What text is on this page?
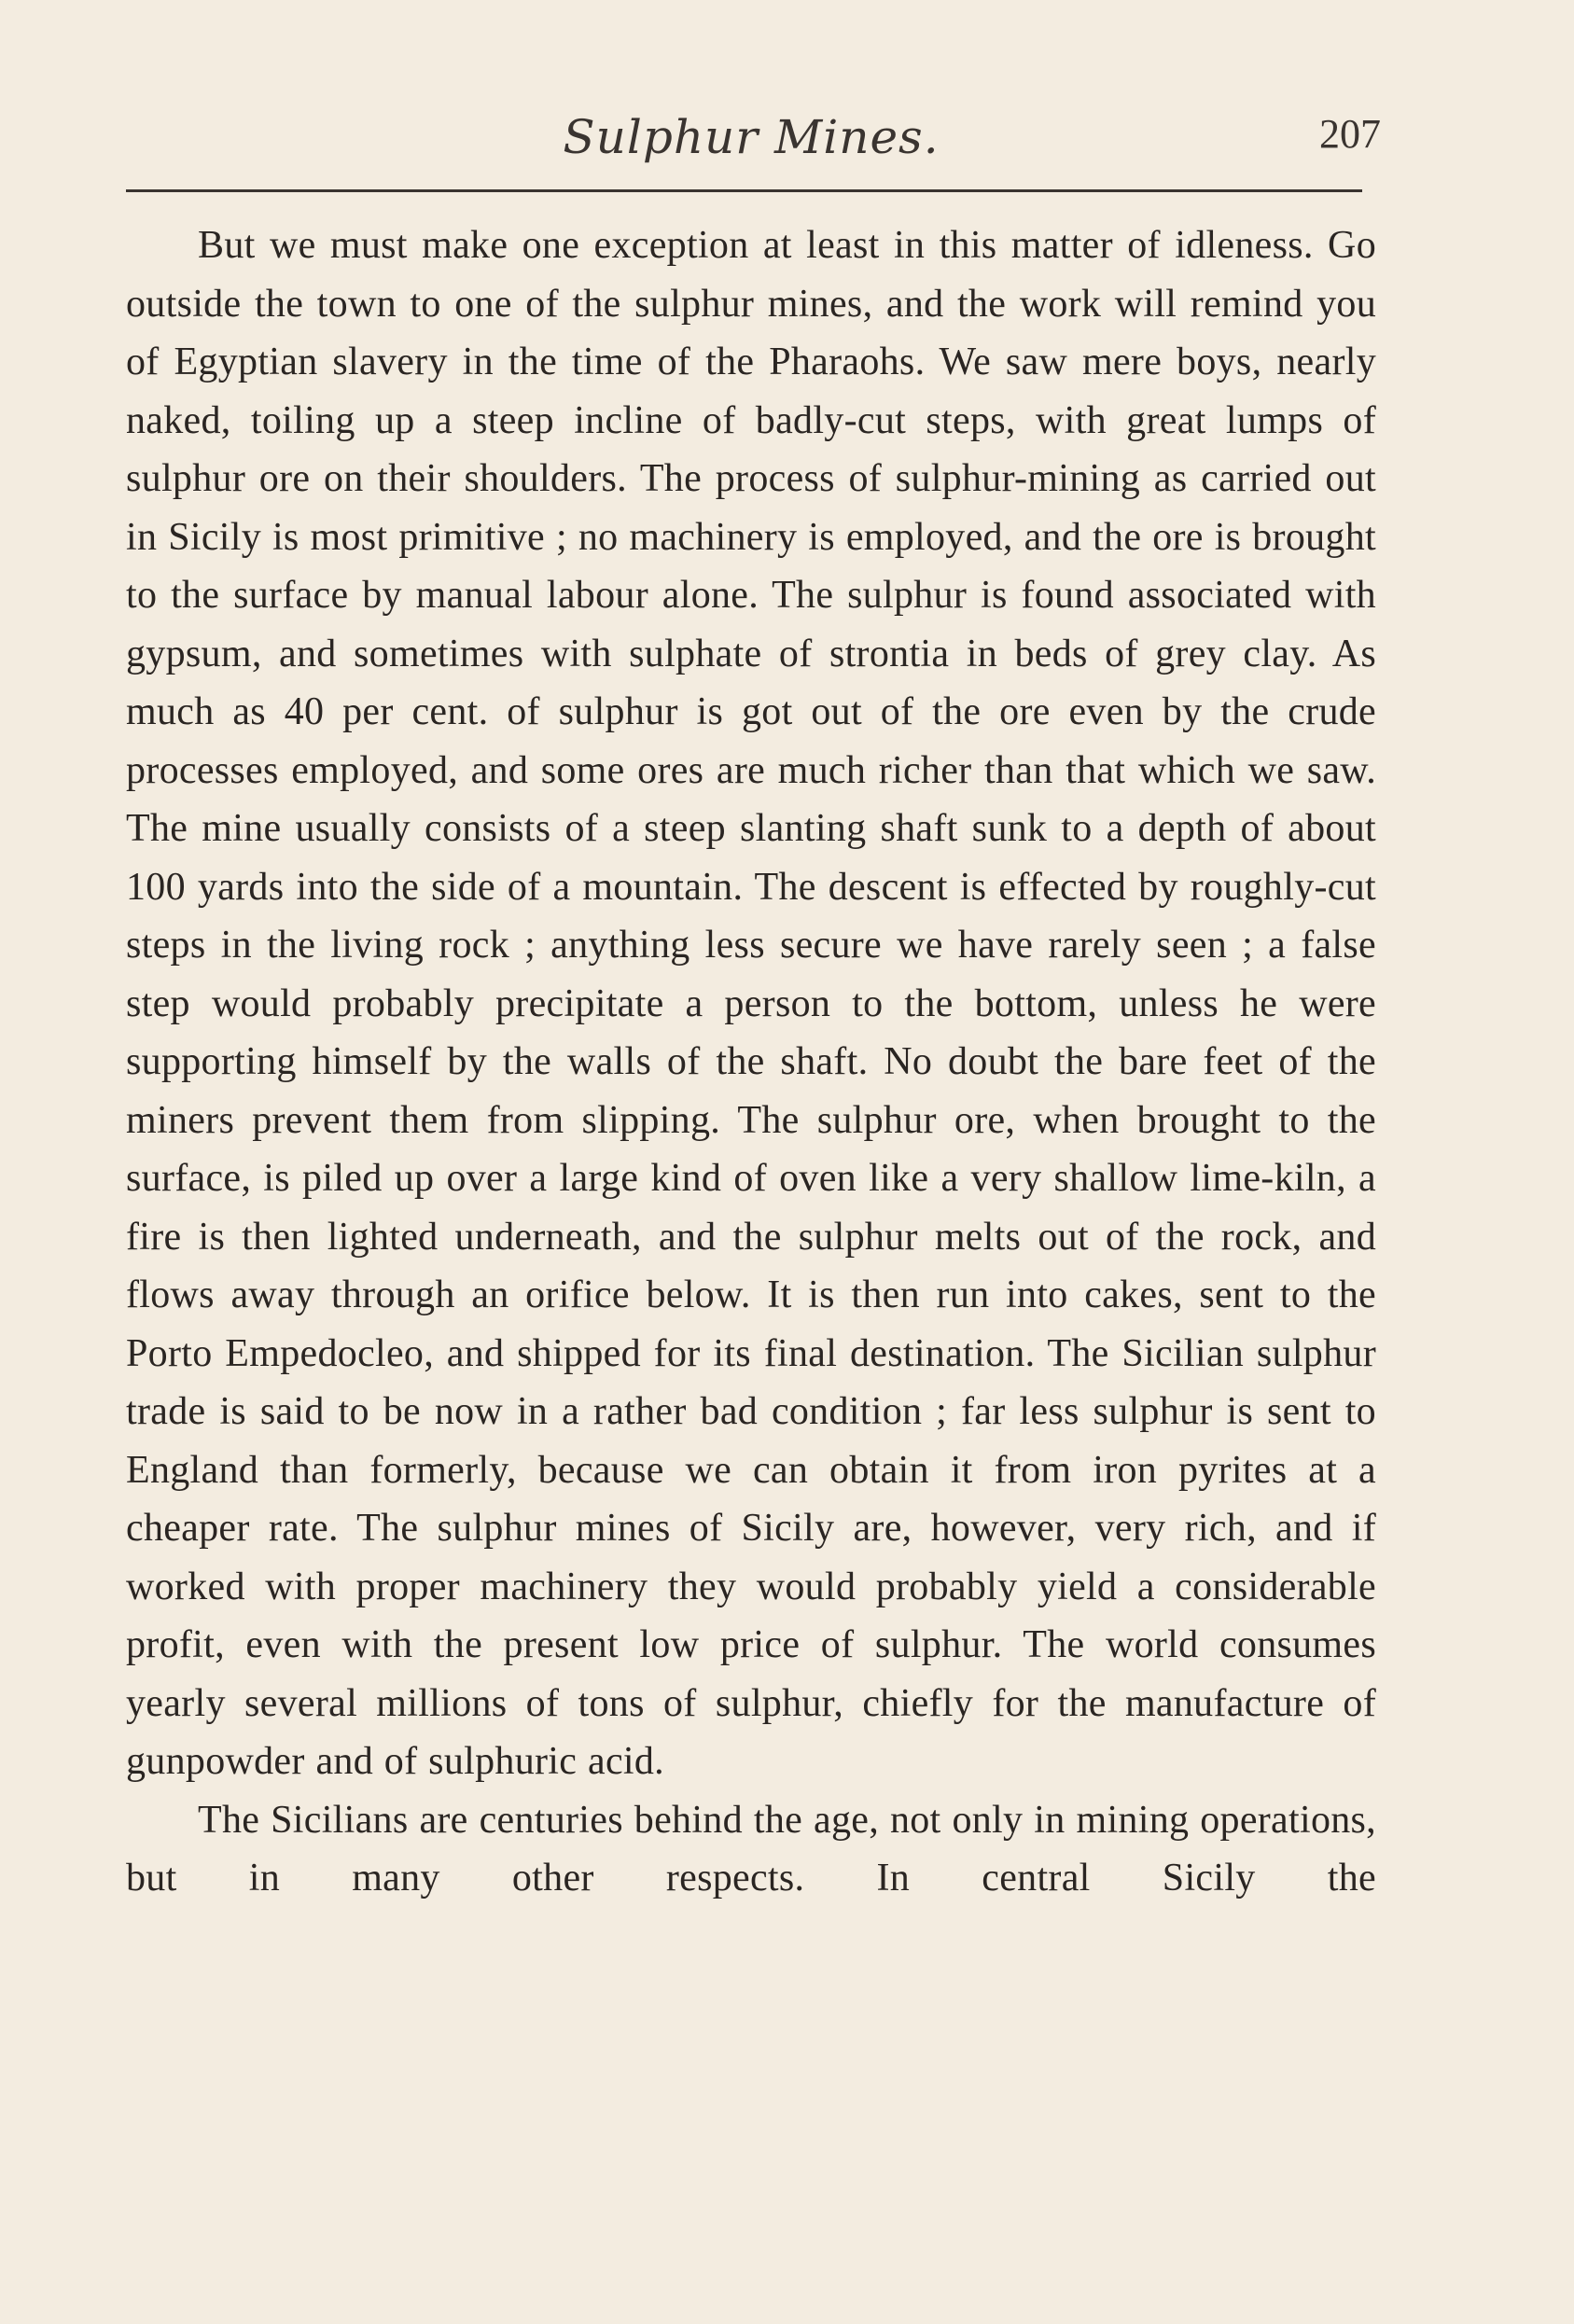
Sulphur Mines.	207

But we must make one exception at least in this matter of idleness. Go outside the town to one of the sulphur mines, and the work will remind you of Egyptian slavery in the time of the Pharaohs. We saw mere boys, nearly naked, toiling up a steep incline of badly-cut steps, with great lumps of sulphur ore on their shoulders. The process of sulphur-mining as carried out in Sicily is most primitive ; no machinery is employed, and the ore is brought to the surface by manual labour alone. The sulphur is found associated with gypsum, and sometimes with sulphate of strontia in beds of grey clay. As much as 40 per cent. of sulphur is got out of the ore even by the crude processes employed, and some ores are much richer than that which we saw. The mine usually consists of a steep slanting shaft sunk to a depth of about 100 yards into the side of a mountain. The descent is effected by roughly-cut steps in the living rock ; anything less secure we have rarely seen ; a false step would probably precipitate a person to the bottom, unless he were supporting himself by the walls of the shaft. No doubt the bare feet of the miners prevent them from slipping. The sulphur ore, when brought to the surface, is piled up over a large kind of oven like a very shallow lime-kiln, a fire is then lighted underneath, and the sulphur melts out of the rock, and flows away through an orifice below. It is then run into cakes, sent to the Porto Empedocleo, and shipped for its final destination. The Sicilian sulphur trade is said to be now in a rather bad condition ; far less sulphur is sent to England than formerly, because we can obtain it from iron pyrites at a cheaper rate. The sulphur mines of Sicily are, however, very rich, and if worked with proper machinery they would probably yield a considerable profit, even with the present low price of sulphur. The world consumes yearly several millions of tons of sulphur, chiefly for the manufacture of gunpowder and of sulphuric acid.

The Sicilians are centuries behind the age, not only in mining operations, but in many other respects. In central Sicily the
